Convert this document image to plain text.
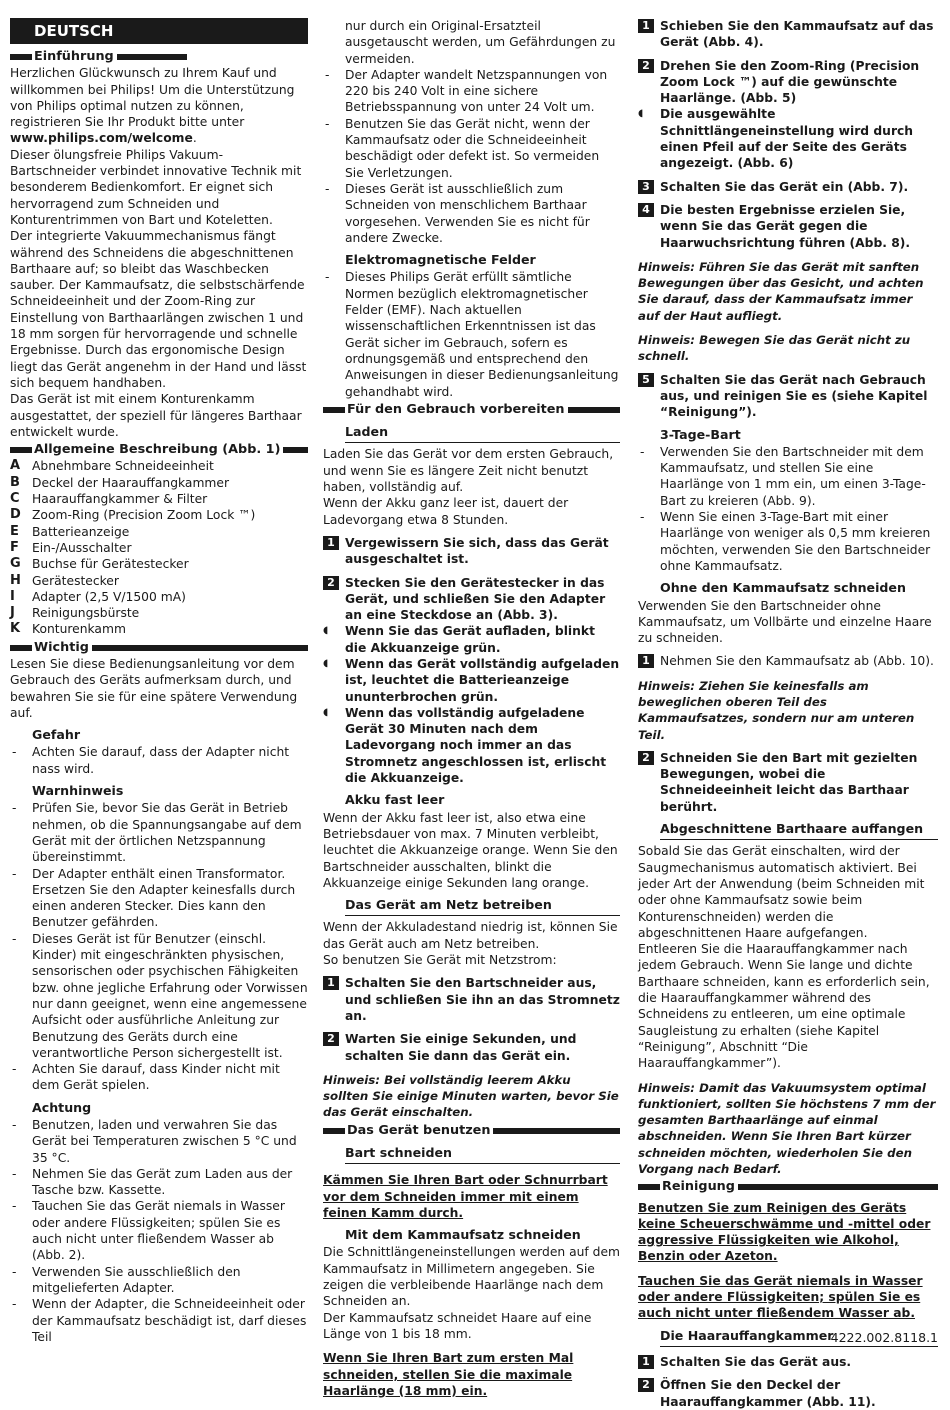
DEUTSCH
Einführung

Herzlichen Glückwunsch zu Ihrem Kauf und willkommen bei Philips! Um die Unterstützung von Philips optimal nutzen zu können, registrieren Sie Ihr Produkt bitte unter www.philips.com/welcome.

Dieser ölungsfreie Philips Vakuum-Bartschneider verbindet innovative Technik mit besonderem Bedienkomfort. Er eignet sich hervorragend zum Schneiden und Konturentrimmen von Bart und Koteletten.

Der integrierte Vakuummechanismus fängt während des Schneidens die abgeschnittenen Barthaare auf; so bleibt das Waschbecken sauber. Der Kammaufsatz, die selbstschärfende Schneideeinheit und der Zoom-Ring zur Einstellung von Barthaarlängen zwischen 1 und 18 mm sorgen für hervorragende und schnelle Ergebnisse. Durch das ergonomische Design liegt das Gerät angenehm in der Hand und lässt sich bequem handhaben.

Das Gerät ist mit einem Konturenkamm ausgestattet, der speziell für längeres Barthaar entwickelt wurde.

Allgemeine Beschreibung (Abb. 1)
A Abnehmbare Schneideeinheit
B Deckel der Haarauffangkammer
C	Haarauffangkammer & Filter
D Zoom-Ring (Precision Zoom Lock ™)
E	Batterieanzeige
F	Ein-/Ausschalter
G Buchse für Gerätestecker
H Gerätestecker
I	Adapter (2,5 V/1500 mA)
J	Reinigungsbürste
K Konturenkamm
Wichtig

Lesen Sie diese Bedienungsanleitung vor dem Gebrauch des Geräts aufmerksam durch, und bewahren Sie sie für eine spätere Verwendung auf.

Gefahr
- Achten Sie darauf, dass der Adapter nicht nass wird.
Warnhinweis
- Prüfen Sie, bevor Sie das Gerät in Betrieb nehmen, ob die Spannungsangabe auf dem Gerät mit der örtlichen Netzspannung übereinstimmt.
- Der Adapter enthält einen Transformator. Ersetzen Sie den Adapter keinesfalls durch einen anderen Stecker. Dies kann den Benutzer gefährden.
- Dieses Gerät ist für Benutzer (einschl. Kinder) mit eingeschränkten physischen, sensorischen oder psychischen Fähigkeiten bzw. ohne jegliche Erfahrung oder Vorwissen nur dann geeignet, wenn eine angemessene Aufsicht oder ausführliche Anleitung zur Benutzung des Geräts durch eine verantwortliche Person sichergestellt ist.
- Achten Sie darauf, dass Kinder nicht mit dem Gerät spielen.
Achtung
- Benutzen, laden und verwahren Sie das Gerät bei Temperaturen zwischen 5 °C und 35 °C.
- Nehmen Sie das Gerät zum Laden aus der Tasche bzw. Kassette.
- Tauchen Sie das Gerät niemals in Wasser oder andere Flüssigkeiten; spülen Sie es auch nicht unter fließendem Wasser ab (Abb. 2).
- Verwenden Sie ausschließlich den mitgelieferten Adapter.
- Wenn der Adapter, die Schneideeinheit oder der Kammaufsatz beschädigt ist, darf dieses Teil

nur durch ein Original-Ersatzteil ausgetauscht werden, um Gefährdungen zu vermeiden.

- Der Adapter wandelt Netzspannungen von 220 bis 240 Volt in eine sichere Betriebsspannung von unter 24 Volt um.
- Benutzen Sie das Gerät nicht, wenn der Kammaufsatz oder die Schneideeinheit beschädigt oder defekt ist. So vermeiden Sie Verletzungen.
- Dieses Gerät ist ausschließlich zum Schneiden von menschlichem Barthaar vorgesehen. Verwenden Sie es nicht für andere Zwecke.
Elektromagnetische Felder
- Dieses Philips Gerät erfüllt sämtliche Normen bezüglich elektromagnetischer Felder (EMF). Nach aktuellen wissenschaftlichen Erkenntnissen ist das Gerät sicher im Gebrauch, sofern es ordnungsgemäß und entsprechend den Anweisungen in dieser Bedienungsanleitung gehandhabt wird.
Für den Gebrauch vorbereiten
Laden

Laden Sie das Gerät vor dem ersten Gebrauch, und wenn Sie es längere Zeit nicht benutzt haben, vollständig auf.

Wenn der Akku ganz leer ist, dauert der Ladevorgang etwa 8 Stunden.

1 Vergewissern Sie sich, dass das Gerät ausgeschaltet ist.
2 Stecken Sie den Gerätestecker in das Gerät, und schließen Sie den Adapter an eine Steckdose an (Abb. 3).
◖	Wenn Sie das Gerät aufladen, blinkt die Akkuanzeige grün.
◖	Wenn das Gerät vollständig aufgeladen ist, leuchtet die Batterieanzeige ununterbrochen grün.
◖	Wenn das vollständig aufgeladene Gerät 30 Minuten nach dem Ladevorgang noch immer an das Stromnetz angeschlossen ist, erlischt die Akkuanzeige.
Akku fast leer

Wenn der Akku fast leer ist, also etwa eine Betriebsdauer von max. 7 Minuten verbleibt, leuchtet die Akkuanzeige orange. Wenn Sie den Bartschneider ausschalten, blinkt die Akkuanzeige einige Sekunden lang orange.

Das Gerät am Netz betreiben

Wenn der Akkuladestand niedrig ist, können Sie das Gerät auch am Netz betreiben.

So benutzen Sie Gerät mit Netzstrom:

1 Schalten Sie den Bartschneider aus, und schließen Sie ihn an das Stromnetz an.
2 Warten Sie einige Sekunden, und schalten Sie dann das Gerät ein.
Hinweis: Bei vollständig leerem Akku sollten Sie einige Minuten warten, bevor Sie das Gerät einschalten.
Das Gerät benutzen
Bart schneiden
Kämmen Sie Ihren Bart oder Schnurrbart vor dem Schneiden immer mit einem feinen Kamm durch.
Mit dem Kammaufsatz schneiden

Die Schnittlängeneinstellungen werden auf dem Kammaufsatz in Millimetern angegeben. Sie zeigen die verbleibende Haarlänge nach dem Schneiden an.

Der Kammaufsatz schneidet Haare auf eine Länge von 1 bis 18 mm.

Wenn Sie Ihren Bart zum ersten Mal schneiden, stellen Sie die maximale Haarlänge (18 mm) ein.
1 Schieben Sie den Kammaufsatz auf das Gerät (Abb. 4).
2 Drehen Sie den Zoom-Ring (Precision Zoom Lock ™) auf die gewünschte Haarlänge. (Abb. 5)
◖	Die ausgewählte Schnittlängeneinstellung wird durch einen Pfeil auf der Seite des Geräts angezeigt. (Abb. 6)
3 Schalten Sie das Gerät ein (Abb. 7).
4 Die besten Ergebnisse erzielen Sie, wenn Sie das Gerät gegen die Haarwuchsrichtung führen (Abb. 8).
Hinweis: Führen Sie das Gerät mit sanften Bewegungen über das Gesicht, und achten Sie darauf, dass der Kammaufsatz immer auf der Haut aufliegt.
Hinweis: Bewegen Sie das Gerät nicht zu schnell.
5 Schalten Sie das Gerät nach Gebrauch aus, und reinigen Sie es (siehe Kapitel “Reinigung”).
3-Tage-Bart
- Verwenden Sie den Bartschneider mit dem Kammaufsatz, und stellen Sie eine Haarlänge von 1 mm ein, um einen 3-Tage-Bart zu kreieren (Abb. 9).
- Wenn Sie einen 3-Tage-Bart mit einer Haarlänge von weniger als 0,5 mm kreieren möchten, verwenden Sie den Bartschneider ohne Kammaufsatz.
Ohne den Kammaufsatz schneiden

Verwenden Sie den Bartschneider ohne Kammaufsatz, um Vollbärte und einzelne Haare zu schneiden.

1 Nehmen Sie den Kammaufsatz ab (Abb. 10).
Hinweis: Ziehen Sie keinesfalls am beweglichen oberen Teil des Kammaufsatzes, sondern nur am unteren Teil.
2 Schneiden Sie den Bart mit gezielten Bewegungen, wobei die Schneideeinheit leicht das Barthaar berührt.
Abgeschnittene Barthaare auffangen

Sobald Sie das Gerät einschalten, wird der Saugmechanismus automatisch aktiviert. Bei jeder Art der Anwendung (beim Schneiden mit oder ohne Kammaufsatz sowie beim Konturenschneiden) werden die abgeschnittenen Haare aufgefangen.

Entleeren Sie die Haarauffangkammer nach jedem Gebrauch. Wenn Sie lange und dichte Barthaare schneiden, kann es erforderlich sein, die Haarauffangkammer während des Schneidens zu entleeren, um eine optimale Saugleistung zu erhalten (siehe Kapitel “Reinigung”, Abschnitt “Die Haarauffangkammer”).

Hinweis: Damit das Vakuumsystem optimal funktioniert, sollten Sie höchstens 7 mm der gesamten Barthaarlänge auf einmal abschneiden. Wenn Sie Ihren Bart kürzer schneiden möchten, wiederholen Sie den Vorgang nach Bedarf.
Reinigung
Benutzen Sie zum Reinigen des Geräts keine Scheuerschwämme und -mittel oder aggressive Flüssigkeiten wie Alkohol, Benzin oder Azeton.
Tauchen Sie das Gerät niemals in Wasser oder andere Flüssigkeiten; spülen Sie es auch nicht unter fließendem Wasser ab.
Die Haarauffangkammer
1 Schalten Sie das Gerät aus.
2 Öffnen Sie den Deckel der Haarauffangkammer (Abb. 11).
4222.002.8118.1
